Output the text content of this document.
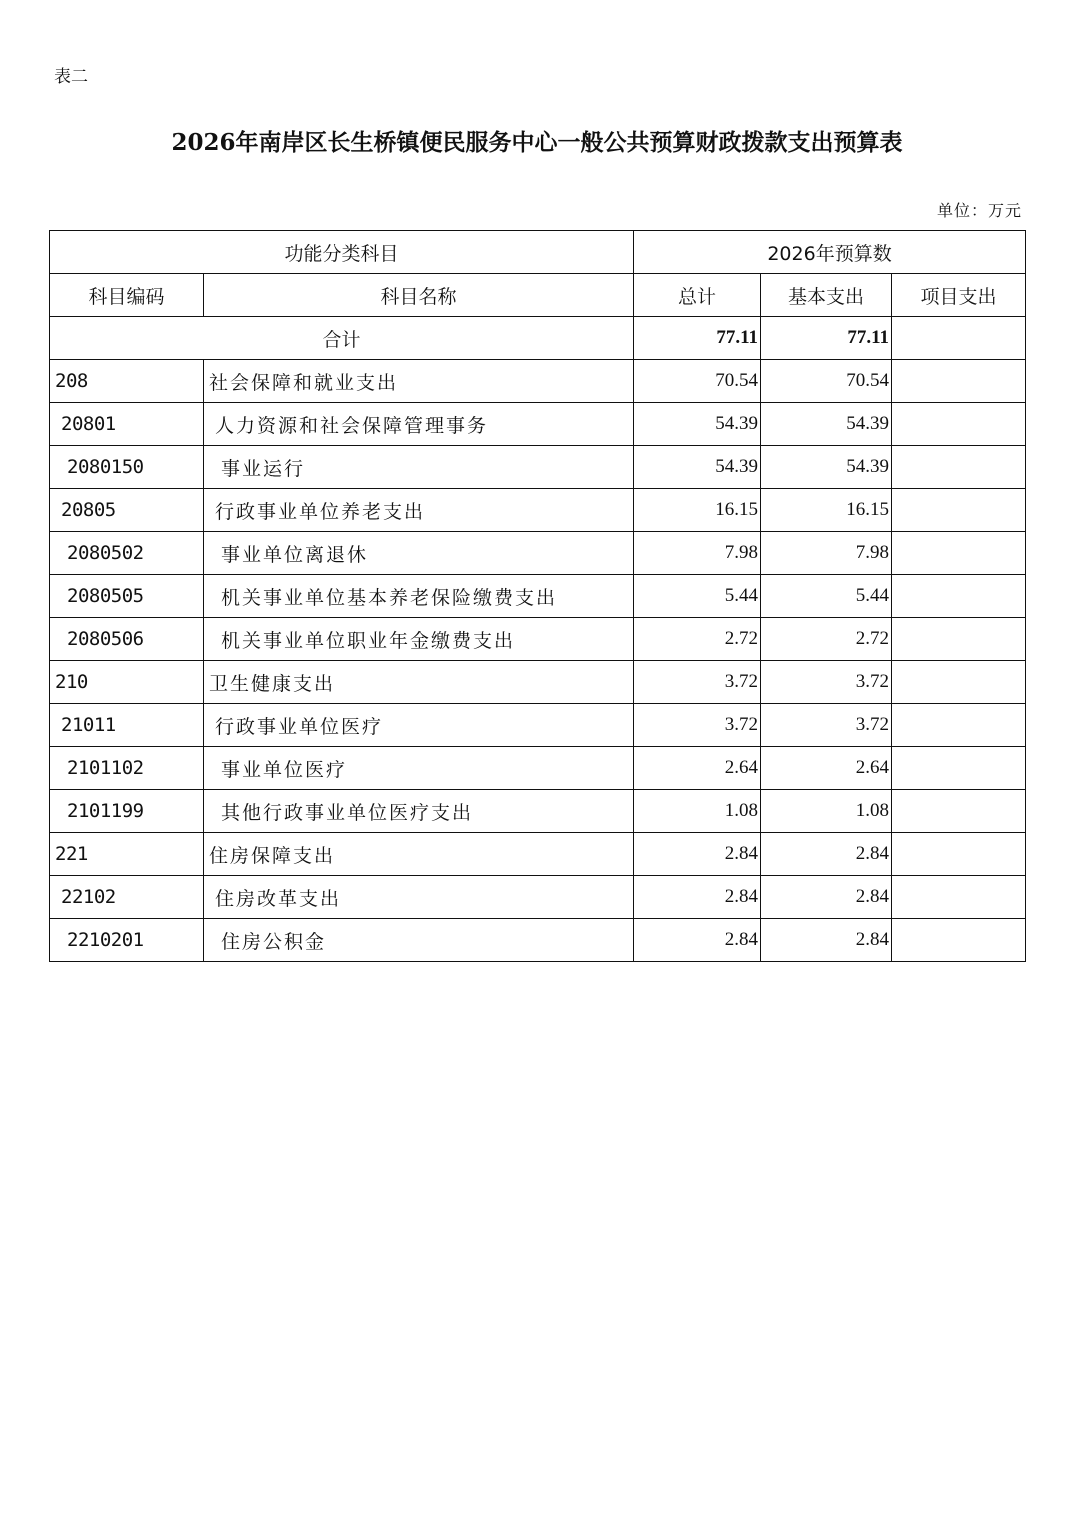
表二
2026年南岸区长生桥镇便民服务中心一般公共预算财政拨款支出预算表
单位：万元
功能分类科目		2026年预算数		
科目编码	科目名称	总计	基本支出	项目支出
合计		77.11	77.11	
208	社会保障和就业支出	70.54	70.54	
20801	人力资源和社会保障管理事务	54.39	54.39	
2080150	事业运行	54.39	54.39	
20805	行政事业单位养老支出	16.15	16.15	
2080502	事业单位离退休	7.98	7.98	
2080505	机关事业单位基本养老保险缴费支出	5.44	5.44	
2080506	机关事业单位职业年金缴费支出	2.72	2.72	
210	卫生健康支出	3.72	3.72	
21011	行政事业单位医疗	3.72	3.72	
2101102	事业单位医疗	2.64	2.64	
2101199	其他行政事业单位医疗支出	1.08	1.08	
221	住房保障支出	2.84	2.84	
22102	住房改革支出	2.84	2.84	
2210201	住房公积金	2.84	2.84	
